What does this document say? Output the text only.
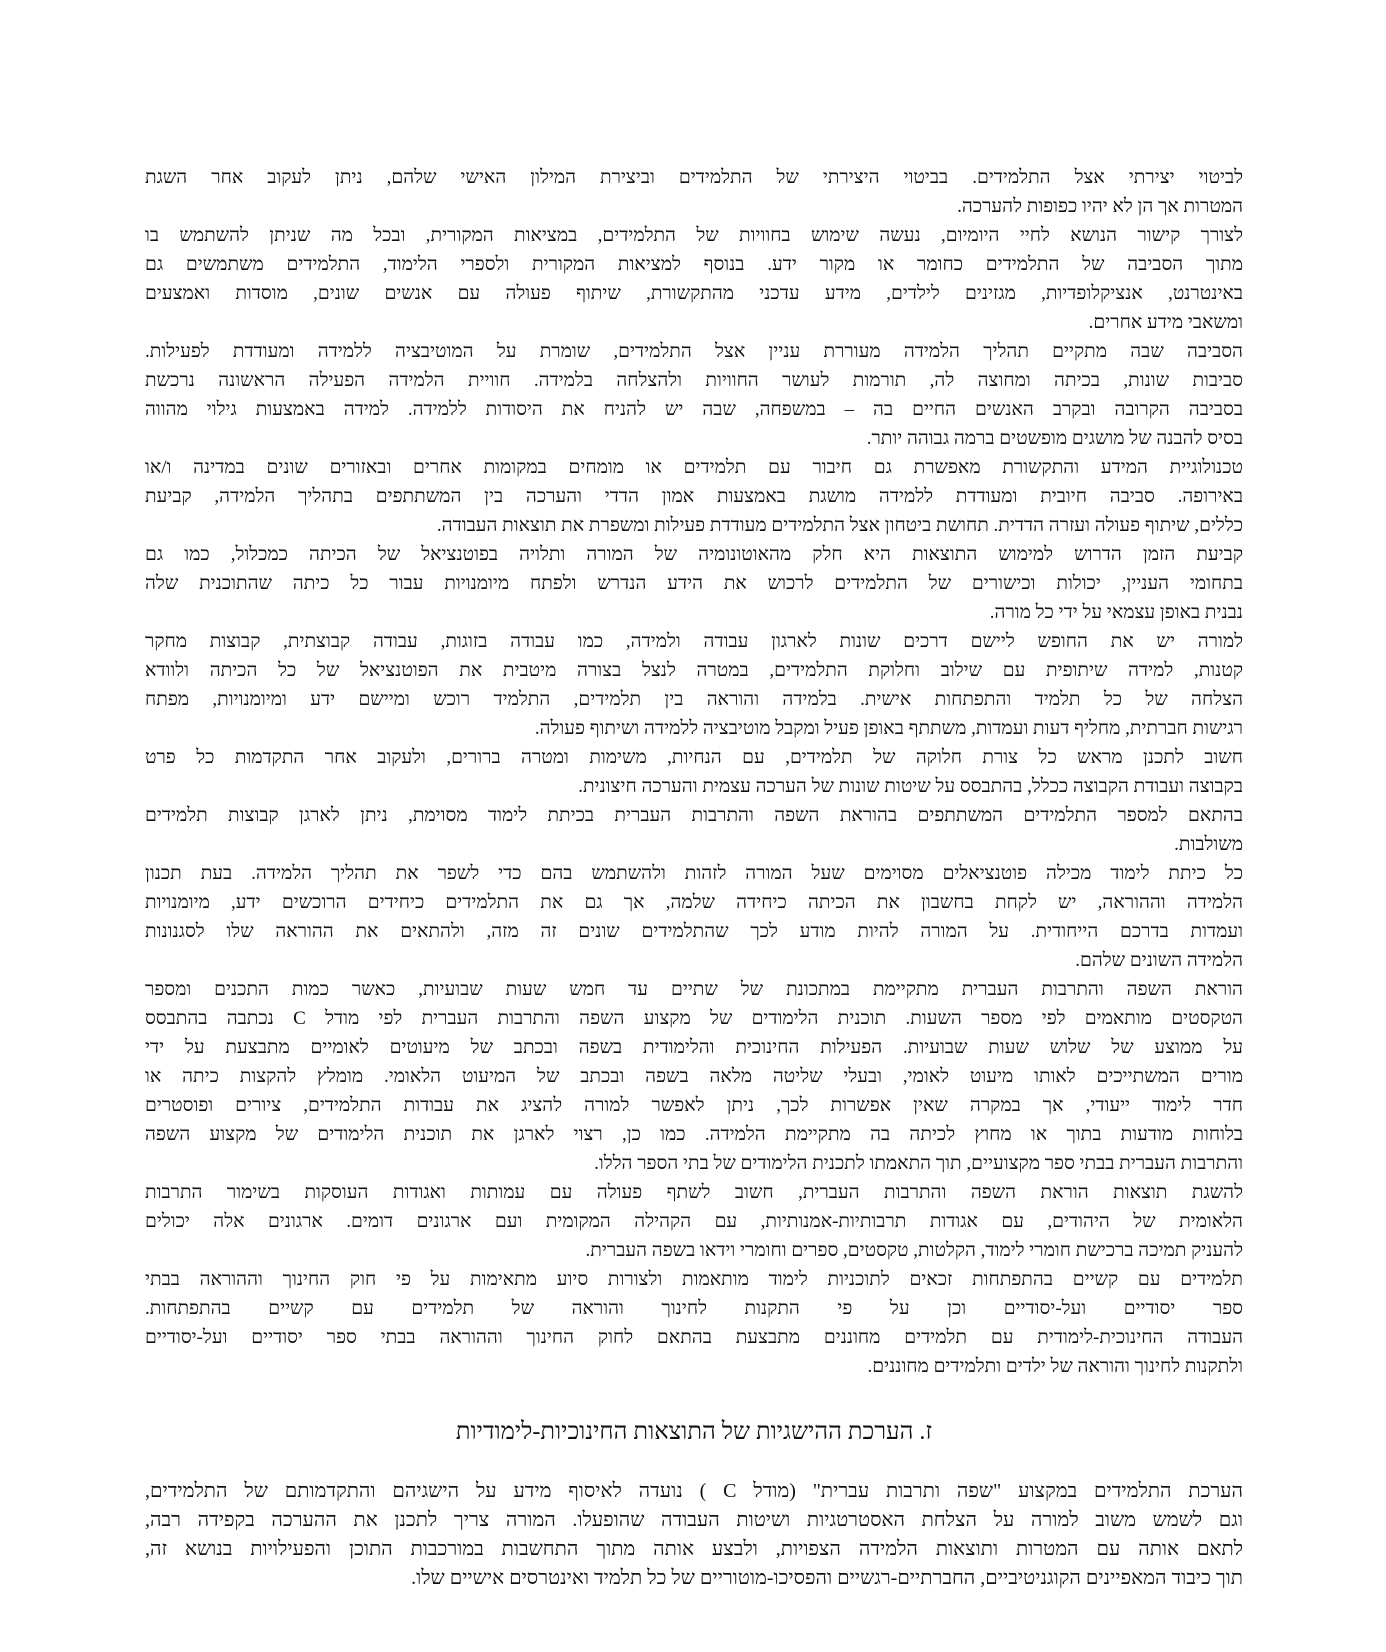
לביטוי יצירתי אצל התלמידים. בביטוי היצירתי של התלמידים וביצירת המילון האישי שלהם, ניתן לעקוב אחר השגת
המטרות אך הן לא יהיו כפופות להערכה.
לצורך קישור הנושא לחיי היומיום, נעשה שימוש בחוויות של התלמידים, במציאות המקורית, ובכל מה שניתן להשתמש בו
מתוך הסביבה של התלמידים כחומר או מקור ידע. בנוסף למציאות המקורית ולספרי הלימוד, התלמידים משתמשים גם
באינטרנט, אנציקלופדיות, מגזינים לילדים, מידע עדכני מהתקשורת, שיתוף פעולה עם אנשים שונים, מוסדות ואמצעים
ומשאבי מידע אחרים.
הסביבה שבה מתקיים תהליך הלמידה מעוררת עניין אצל התלמידים, שומרת על המוטיבציה ללמידה ומעודדת לפעילות.
סביבות שונות, בכיתה ומחוצה לה, תורמות לעושר החוויות ולהצלחה בלמידה. חוויית הלמידה הפעילה הראשונה נרכשת
בסביבה הקרובה ובקרב האנשים החיים בה – במשפחה, שבה יש להניח את היסודות ללמידה. למידה באמצעות גילוי מהווה
בסיס להבנה של מושגים מופשטים ברמה גבוהה יותר.
טכנולוגיית המידע והתקשורת מאפשרת גם חיבור עם תלמידים או מומחים במקומות אחרים ובאזורים שונים במדינה ו/או
באירופה. סביבה חיובית ומעודדת ללמידה מושגת באמצעות אמון הדדי והערכה בין המשתתפים בתהליך הלמידה, קביעת
כללים, שיתוף פעולה ועזרה הדדית. תחושת ביטחון אצל התלמידים מעודדת פעילות ומשפרת את תוצאות העבודה.
קביעת הזמן הדרוש למימוש התוצאות היא חלק מהאוטונומיה של המורה ותלויה בפוטנציאל של הכיתה כמכלול, כמו גם
בתחומי העניין, יכולות וכישורים של התלמידים לרכוש את הידע הנדרש ולפתח מיומנויות עבור כל כיתה שהתוכנית שלה
נבנית באופן עצמאי על ידי כל מורה.
למורה יש את החופש ליישם דרכים שונות לארגון עבודה ולמידה, כמו עבודה בזוגות, עבודה קבוצתית, קבוצות מחקר
קטנות, למידה שיתופית עם שילוב וחלוקת התלמידים, במטרה לנצל בצורה מיטבית את הפוטנציאל של כל הכיתה ולוודא
הצלחה של כל תלמיד והתפתחות אישית. בלמידה והוראה בין תלמידים, התלמיד רוכש ומיישם ידע ומיומנויות, מפתח
רגישות חברתית, מחליף דעות ועמדות, משתתף באופן פעיל ומקבל מוטיבציה ללמידה ושיתוף פעולה.
חשוב לתכנן מראש כל צורת חלוקה של תלמידים, עם הנחיות, משימות ומטרה ברורים, ולעקוב אחר התקדמות כל פרט
בקבוצה ועבודת הקבוצה ככלל, בהתבסס על שיטות שונות של הערכה עצמית והערכה חיצונית.
בהתאם למספר התלמידים המשתתפים בהוראת השפה והתרבות העברית בכיתת לימוד מסוימת, ניתן לארגן קבוצות תלמידים
משולבות.
כל כיתת לימוד מכילה פוטנציאלים מסוימים שעל המורה לזהות ולהשתמש בהם כדי לשפר את תהליך הלמידה. בעת תכנון
הלמידה וההוראה, יש לקחת בחשבון את הכיתה כיחידה שלמה, אך גם את התלמידים כיחידים הרוכשים ידע, מיומנויות
ועמדות בדרכם הייחודית. על המורה להיות מודע לכך שהתלמידים שונים זה מזה, ולהתאים את ההוראה שלו לסגנונות
הלמידה השונים שלהם.
הוראת השפה והתרבות העברית מתקיימת במתכונת של שתיים עד חמש שעות שבועיות, כאשר כמות התכנים ומספר
הטקסטים מותאמים לפי מספר השעות. תוכנית הלימודים של מקצוע השפה והתרבות העברית לפי מודל C נכתבה בהתבסס
על ממוצע של שלוש שעות שבועיות. הפעילות החינוכית והלימודית בשפה ובכתב של מיעוטים לאומיים מתבצעת על ידי
מורים המשתייכים לאותו מיעוט לאומי, ובעלי שליטה מלאה בשפה ובכתב של המיעוט הלאומי. מומלץ להקצות כיתה או
חדר לימוד ייעודי, אך במקרה שאין אפשרות לכך, ניתן לאפשר למורה להציג את עבודות התלמידים, ציורים ופוסטרים
בלוחות מודעות בתוך או מחוץ לכיתה בה מתקיימת הלמידה. כמו כן, רצוי לארגן את תוכנית הלימודים של מקצוע השפה
והתרבות העברית בבתי ספר מקצועיים, תוך התאמתו לתכנית הלימודים של בתי הספר הללו.
להשגת תוצאות הוראת השפה והתרבות העברית, חשוב לשתף פעולה עם עמותות ואגודות העוסקות בשימור התרבות
הלאומית של היהודים, עם אגודות תרבותיות-אמנותיות, עם הקהילה המקומית ועם ארגונים דומים. ארגונים אלה יכולים
להעניק תמיכה ברכישת חומרי לימוד, הקלטות, טקסטים, ספרים וחומרי וידאו בשפה העברית.
תלמידים עם קשיים בהתפתחות זכאים לתוכניות לימוד מותאמות ולצורות סיוע מתאימות על פי חוק החינוך וההוראה בבתי
ספר יסודיים ועל-יסודיים וכן על פי התקנות לחינוך והוראה של תלמידים עם קשיים בהתפתחות.
העבודה החינוכית-לימודית עם תלמידים מחוננים מתבצעת בהתאם לחוק החינוך וההוראה בבתי ספר יסודיים ועל-יסודיים
ולתקנות לחינוך והוראה של ילדים ותלמידים מחוננים.
ז. הערכת ההישגיות של התוצאות החינוכיות-לימודיות
הערכת התלמידים במקצוע "שפה ותרבות עברית" (מודל C ) נועדה לאיסוף מידע על הישגיהם והתקדמותם של התלמידים,
וגם לשמש משוב למורה על הצלחת האסטרטגיות ושיטות העבודה שהופעלו. המורה צריך לתכנן את ההערכה בקפידה רבה,
לתאם אותה עם המטרות ותוצאות הלמידה הצפויות, ולבצע אותה מתוך התחשבות במורכבות התוכן והפעילויות בנושא זה,
תוך כיבוד המאפיינים הקוגניטיביים, החברתיים-רגשיים והפסיכו-מוטוריים של כל תלמיד ואינטרסים אישיים שלו.
